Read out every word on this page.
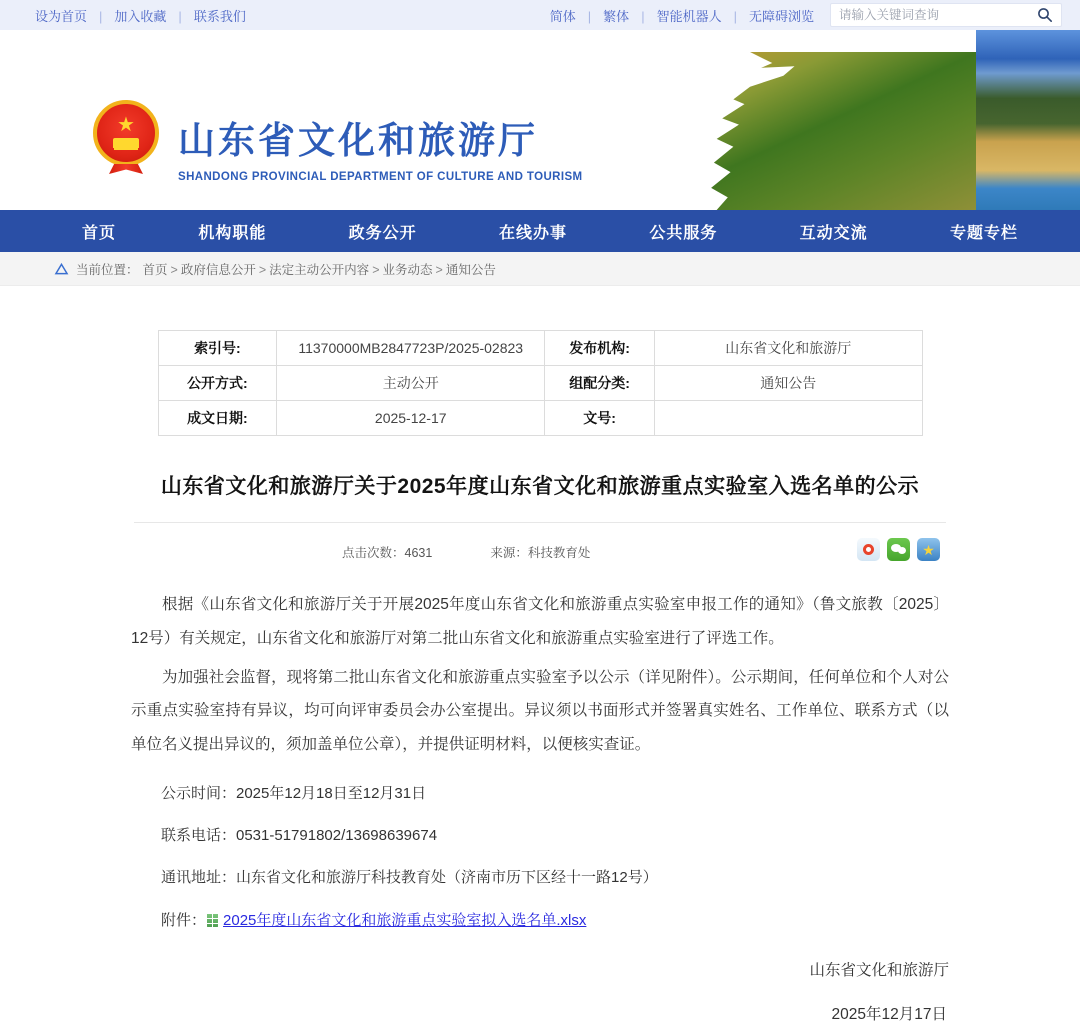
设为首页	| 加入收藏	| 联系我们	简体	| 繁体	| 智能机器人	| 无障碍浏览
请输入关键词查询
★ 山东省文化和旅游厅
SHANDONG PROVINCIAL DEPARTMENT OF CULTURE AND TOURISM
首页	机构职能	政务公开	在线办事	公共服务	互动交流	专题专栏
当前位置： 首页 >	政府信息公开 >	法定主动公开内容 >	业务动态 >	通知公告
索引号:	11370000MB2847723P/2025-02823	发布机构:	山东省文化和旅游厅
公开方式:	主动公开	组配分类:	通知公告
成文日期:	2025-12-17	文号:	
山东省文化和旅游厅关于2025年度山东省文化和旅游重点实验室入选名单的公示
点击次数：4631	来源：科技教育处	★

根据《山东省文化和旅游厅关于开展2025年度山东省文化和旅游重点实验室申报工作的通知》（鲁文旅教〔2025〕12号）有关规定，山东省文化和旅游厅对第二批山东省文化和旅游重点实验室进行了评选工作。

为加强社会监督，现将第二批山东省文化和旅游重点实验室予以公示（详见附件）。公示期间，任何单位和个人对公示重点实验室持有异议，均可向评审委员会办公室提出。异议须以书面形式并签署真实姓名、工作单位、联系方式（以单位名义提出异议的，须加盖单位公章），并提供证明材料，以便核实查证。

公示时间：2025年12月18日至12月31日
联系电话：0531-51791802/13698639674
通讯地址：山东省文化和旅游厅科技教育处（济南市历下区经十一路12号）
附件： 2025年度山东省文化和旅游重点实验室拟入选名单.xlsx
山东省文化和旅游厅
2025年12月17日
